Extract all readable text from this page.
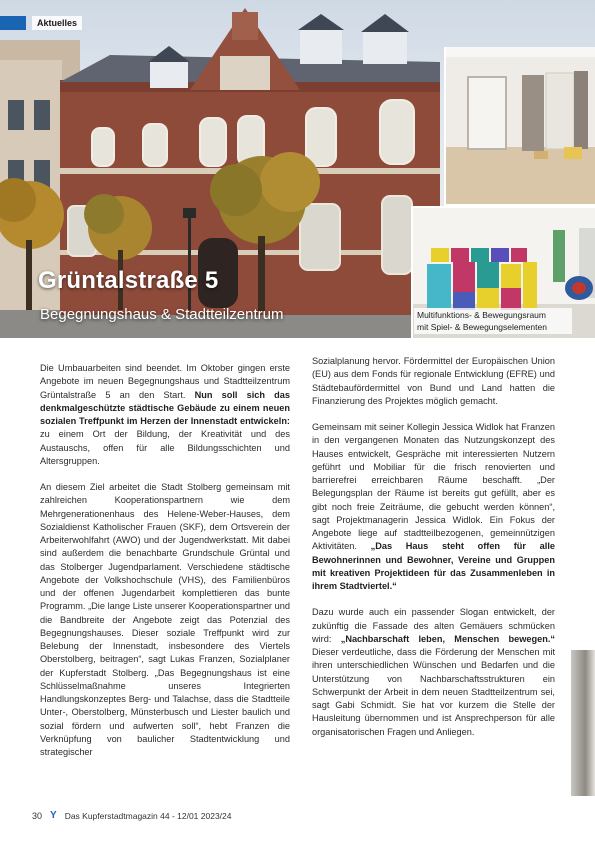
Aktuelles
Multifunktions- & Bewegungsraum
mit Spiel- & Bewegungselementen
Grüntalstraße 5
Begegnungshaus & Stadtteilzentrum

Die Umbauarbeiten sind beendet. Im Oktober gingen erste Angebote im neuen Begegnungshaus und Stadtteilzentrum Grüntalstraße 5 an den Start. Nun soll sich das denkmalgeschützte städtische Gebäude zu einem neuen sozialen Treffpunkt im Herzen der Innenstadt entwickeln: zu einem Ort der Bildung, der Kreativität und des Austauschs, offen für alle Bildungsschichten und Altersgruppen.

An diesem Ziel arbeitet die Stadt Stolberg gemeinsam mit zahlreichen Kooperationspartnern wie dem Mehrgenerationenhaus des Helene-Weber-Hauses, dem Sozialdienst Katholischer Frauen (SKF), dem Ortsverein der Arbeiterwohlfahrt (AWO) und der Jugendwerkstatt. Mit dabei sind außerdem die benachbarte Grundschule Grüntal und das Stolberger Jugendparlament. Verschiedene städtische Angebote der Volkshochschule (VHS), des Familienbüros und der offenen Jugendarbeit komplettieren das bunte Programm. „Die lange Liste unserer Kooperationspartner und die Bandbreite der Angebote zeigt das Potenzial des Begegnungshauses. Dieser soziale Treffpunkt wird zur Belebung der Innenstadt, insbesondere des Viertels Oberstolberg, beitragen“, sagt Lukas Franzen, Sozialplaner der Kupferstadt Stolberg. „Das Begegnungshaus ist eine Schlüsselmaßnahme unseres Integrierten Handlungskonzeptes Berg- und Talachse, dass die Stadtteile Unter-, Oberstolberg, Münsterbusch und Liester baulich und sozial fördern und aufwerten soll“, hebt Franzen die Verknüpfung von baulicher Stadtentwicklung und strategischer

Sozialplanung hervor. Fördermittel der Europäischen Union (EU) aus dem Fonds für regionale Entwicklung (EFRE) und Städtebaufördermittel von Bund und Land hatten die Finanzierung des Projektes möglich gemacht.

Gemeinsam mit seiner Kollegin Jessica Widlok hat Franzen in den vergangenen Monaten das Nutzungskonzept des Hauses entwickelt, Gespräche mit interessierten Nutzern geführt und Mobiliar für die frisch renovierten und barrierefrei erreichbaren Räume beschafft. „Der Belegungsplan der Räume ist bereits gut gefüllt, aber es gibt noch freie Zeiträume, die gebucht werden können“, sagt Projektmanagerin Jessica Widlok. Ein Fokus der Angebote liege auf stadtteilbezogenen, gemeinnützigen Aktivitäten. „Das Haus steht offen für alle Bewohnerinnen und Bewohner, Vereine und Gruppen mit kreativen Projektideen für das Zusammenleben in ihrem Stadtviertel.“

Dazu wurde auch ein passender Slogan entwickelt, der zukünftig die Fassade des alten Gemäuers schmücken wird: „Nachbarschaft leben, Menschen bewegen.“ Dieser verdeutliche, dass die Förderung der Menschen mit ihren unterschiedlichen Wünschen und Bedarfen und die Unterstützung von Nachbarschaftsstrukturen ein Schwerpunkt der Arbeit in dem neuen Stadtteilzentrum sei, sagt Gabi Schmidt. Sie hat vor kurzem die Stelle der Hausleitung übernommen und ist Ansprechperson für alle organisatorischen Fragen und Anliegen.

30 Y Das Kupferstadtmagazin 44 - 12/01 2023/24
